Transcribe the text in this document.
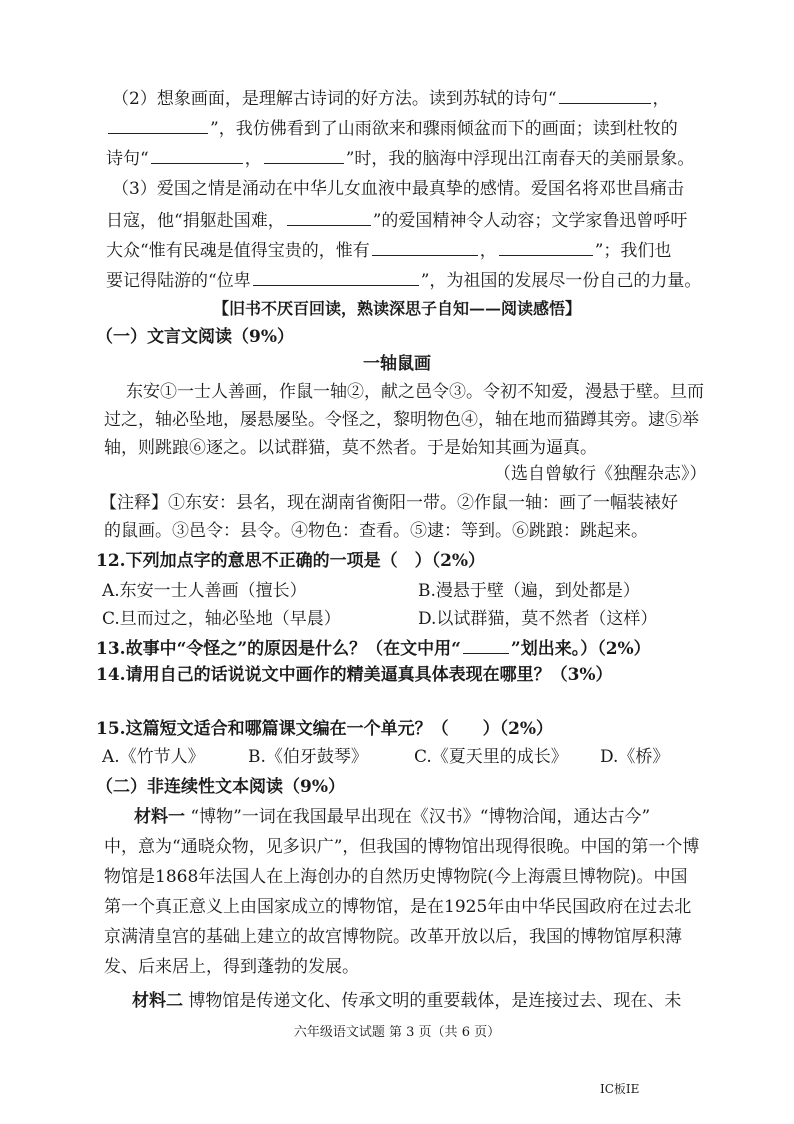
（2）想象画面，是理解古诗词的好方法。读到苏轼的诗句“	，
”，我仿佛看到了山雨欲来和骤雨倾盆而下的画面；读到杜牧的
诗句“	，	”时，我的脑海中浮现出江南春天的美丽景象。
（3）爱国之情是涌动在中华儿女血液中最真挚的感情。爱国名将邓世昌痛击
日寇，他“捐躯赴国难，	”的爱国精神令人动容；文学家鲁迅曾呼吁
大众“惟有民魂是值得宝贵的，惟有	，	”；我们也
要记得陆游的“位卑	”，为祖国的发展尽一份自己的力量。
【旧书不厌百回读，熟读深思子自知——阅读感悟】
（一）文言文阅读（9%）
一轴鼠画
东安①一士人善画，作鼠一轴②，献之邑令③。令初不知爱，漫悬于壁。旦而
过之，轴必坠地，屡悬屡坠。令怪之，黎明物色④，轴在地而猫蹲其旁。逮⑤举
轴，则跳踉⑥逐之。以试群猫，莫不然者。于是始知其画为逼真。
（选自曾敏行《独醒杂志》）
【注释】①东安：县名，现在湖南省衡阳一带。②作鼠一轴：画了一幅装裱好
的鼠画。③邑令：县令。④物色：查看。⑤逮：等到。⑥跳踉：跳起来。
12.下列加点字的意思不正确的一项是（　）（2%）
A.东安一士人善画（擅长）	B.漫悬于壁（遍，到处都是）
C.旦而过之，轴必坠地（早晨）	D.以试群猫，莫不然者（这样）
13.故事中“令怪之”的原因是什么？（在文中用“	”划出来。）（2%）
14.请用自己的话说说文中画作的精美逼真具体表现在哪里？（3%）
15.这篇短文适合和哪篇课文编在一个单元？（　　）（2%）
A.《竹节人》	B.《伯牙鼓琴》	C.《夏天里的成长》 D.《桥》
（二）非连续性文本阅读（9%）
材料一 “博物”一词在我国最早出现在《汉书》“博物洽闻，通达古今”
中，意为“通晓众物，见多识广”，但我国的博物馆出现得很晚。中国的第一个博
物馆是1868年法国人在上海创办的自然历史博物院(今上海震旦博物院)。中国
第一个真正意义上由国家成立的博物馆，是在1925年由中华民国政府在过去北
京满清皇宫的基础上建立的故宫博物院。改革开放以后，我国的博物馆厚积薄
发、后来居上，得到蓬勃的发展。
材料二 博物馆是传递文化、传承文明的重要载体，是连接过去、现在、未
六年级语文试题 第 3 页（共 6 页）
IC板IE
